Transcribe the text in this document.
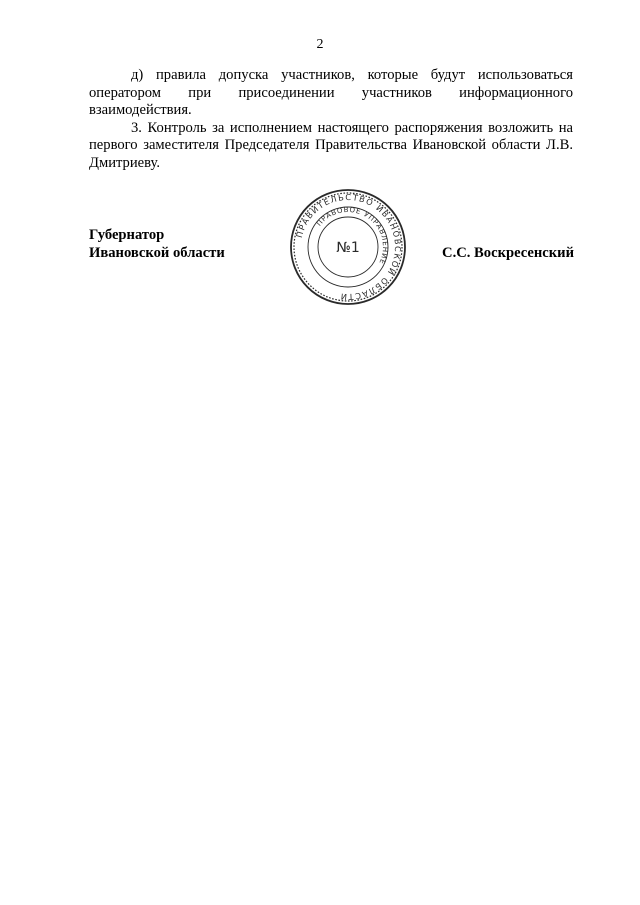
2

д) правила допуска участников, которые будут использоваться оператором при присоединении участников информационного взаимодействия.

3. Контроль за исполнением настоящего распоряжения возложить на первого заместителя Председателя Правительства Ивановской области Л.В. Дмитриеву.

Губернатор
Ивановской области
ПРАВИТЕЛЬСТВО ИВАНОВСКОЙ ОБЛАСТИ
ПРАВОВОЕ УПРАВЛЕНИЕ
№1	С.С. Воскресенский
